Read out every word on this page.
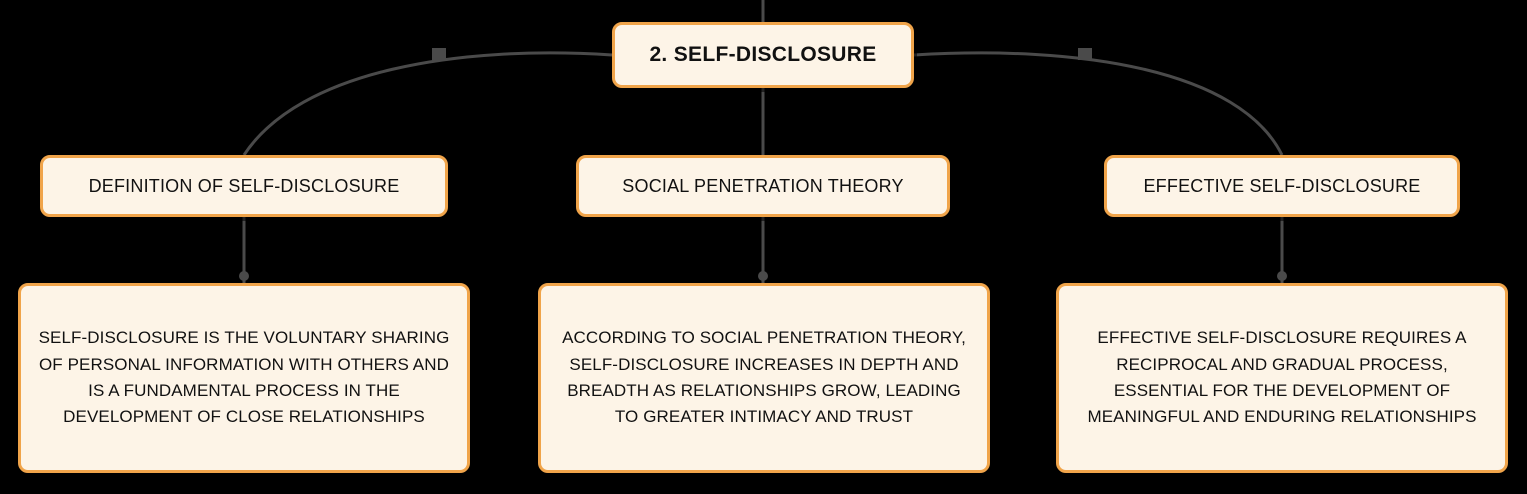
2. SELF-DISCLOSURE
DEFINITION OF SELF-DISCLOSURE	SOCIAL PENETRATION THEORY	EFFECTIVE SELF-DISCLOSURE
SELF-DISCLOSURE IS THE VOLUNTARY SHARING OF PERSONAL INFORMATION WITH OTHERS AND IS A FUNDAMENTAL PROCESS IN THE DEVELOPMENT OF CLOSE RELATIONSHIPS
ACCORDING TO SOCIAL PENETRATION THEORY, SELF-DISCLOSURE INCREASES IN DEPTH AND BREADTH AS RELATIONSHIPS GROW, LEADING TO GREATER INTIMACY AND TRUST
EFFECTIVE SELF-DISCLOSURE REQUIRES A RECIPROCAL AND GRADUAL PROCESS, ESSENTIAL FOR THE DEVELOPMENT OF MEANINGFUL AND ENDURING RELATIONSHIPS
